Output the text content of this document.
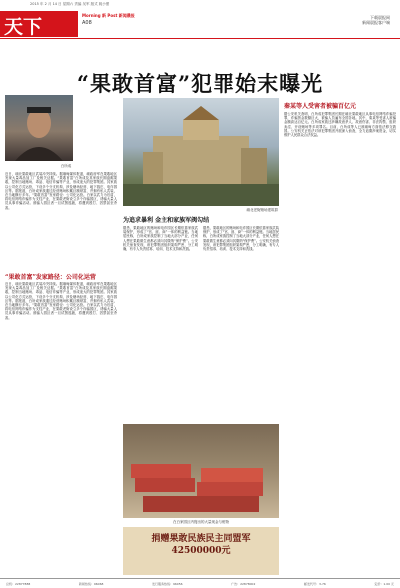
2015 年 2 月 14 日 星期六 责编 吴军 版式 姚小蕾
天下
Morning 新 Post 新闻晨报
A08
下载晨报网
新闻晨报客户端
“果敢首富”犯罪始末曝光
白所成
近日，缅北果敢地区武装冲突持续。据缅甸媒体报道，缅政府军在果敢地区发现大量毒品加工厂及相关证据。“果敢首富”白所成及其家族长期盘踞果敢，控制当地赌场、毒品、电信诈骗等产业，形成庞大的犯罪集团。其家族以公司化方式运营，下设多个分支机构，涉及赌场经营、地下钱庄、电诈园区等。据报道，白所成家族通过经营赌场积累巨额财富，并拥有私人武装，在当地横行多年。“果敢首富”发家路径：公司化运营。白家以武力为后盾，将电信网络诈骗作为支柱产业，在果敢老街设立多个诈骗园区，诱骗大量人员从事诈骗活动。被骗入园区者一旦试图逃跑，将遭到殴打、囚禁甚至杀害。
“果敢首富”发家路径：公司化运营
近日，缅北果敢地区武装冲突持续。据缅甸媒体报道，缅政府军在果敢地区发现大量毒品加工厂及相关证据。“果敢首富”白所成及其家族长期盘踞果敢，控制当地赌场、毒品、电信诈骗等产业，形成庞大的犯罪集团。其家族以公司化方式运营，下设多个分支机构，涉及赌场经营、地下钱庄、电诈园区等。据报道，白所成家族通过经营赌场积累巨额财富，并拥有私人武装，在当地横行多年。“果敢首富”发家路径：公司化运营。白家以武力为后盾，将电信网络诈骗作为支柱产业，在果敢老街设立多个诈骗园区，诱骗大量人员从事诈骗活动。被骗入园区者一旦试图逃跑，将遭到殴打、囚禁甚至杀害。
缅北老街赌场建筑群
为追求暴利 金主和家族军阀勾结
据悉，果敢地区的赌场和电诈园区长期依靠家族武装保护，形成了“官、匪、商”一体的利益链。当地居民称，白所成家族控制了当地大部分产业，任何人想在果敢做生意都必须向其缴纳“保护费”。公安机关侦查发现，该犯罪集团组织架构严密，分工明确，有专人负责招募、培训、技术支持和洗钱。
据悉，果敢地区的赌场和电诈园区长期依靠家族武装保护，形成了“官、匪、商”一体的利益链。当地居民称，白所成家族控制了当地大部分产业，任何人想在果敢做生意都必须向其缴纳“保护费”。公安机关侦查发现，该犯罪集团组织架构严密，分工明确，有专人负责招募、培训、技术支持和洗钱。
在白家园区内搜出的大量现金与赃物
捐赠果敢民族民主同盟军 42500000元
秦某等人受害者被骗百亿元
据公安机关查明，白所成犯罪集团长期在缅北果敢地区从事电信网络诈骗犯罪，诈骗资金数额巨大，被骗人员遍布全国各地。其中，秦某等受害人被骗金额高达百亿元。白所成家族还涉嫌故意杀人、故意伤害、非法拘禁、组织卖淫、开设赌场等多项罪名。目前，白所成等人已被缅甸方面依法移交我国。公安机关正依法对该犯罪集团开展深入侦查，全力追缴涉案资金，切实维护人民群众合法权益。
总机：22877888	新闻热线：96068	发行服务热线：96056	广告：22878002	邮发代号：3-76	定价：1.00 元
